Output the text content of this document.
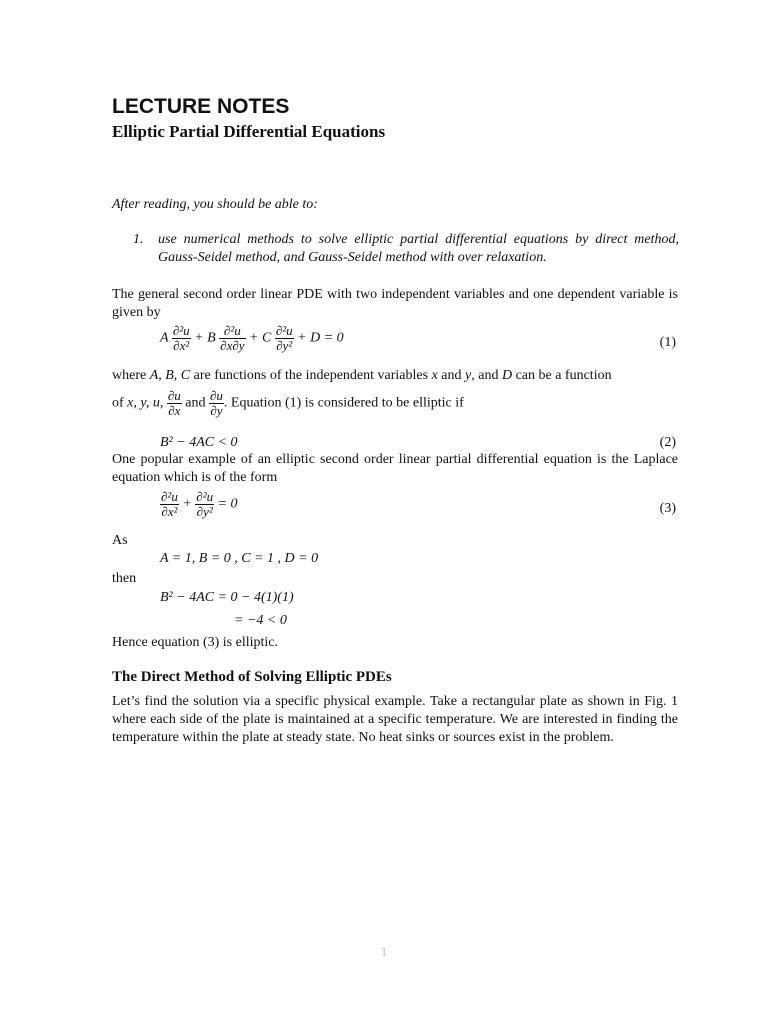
LECTURE NOTES
Elliptic Partial Differential Equations
After reading, you should be able to:
1. use numerical methods to solve elliptic partial differential equations by direct method, Gauss-Seidel method, and Gauss-Seidel method with over relaxation.
The general second order linear PDE with two independent variables and one dependent variable is given by
A $\frac{\text{∂²u}}{\text{∂x²}} + B \frac{\text{∂²u}}{\partial x\partial y} + C \frac{\text{∂²u}}{\text{∂y²}} + D = 0$	(1)
where A, B, C are functions of the independent variables x and y, and D can be a function
of x, y, u, $\frac{\partial u}{\partial x}$ and $\frac{\partial u}{\partial y}$ . Equation (1) is considered to be elliptic if
B² − 4AC < 0	(2)
One popular example of an elliptic second order linear partial differential equation is the Laplace equation which is of the form
$\frac{\text{∂²u}}{\text{∂x²}} + \frac{\text{∂²u}}{\text{∂y²}} = 0$	(3)
As
A = 1, B = 0 , C = 1 , D = 0
then
B² − 4AC = 0 − 4(1)(1)
= −4 < 0
Hence equation (3) is elliptic.
The Direct Method of Solving Elliptic PDEs
Let’s find the solution via a specific physical example. Take a rectangular plate as shown in Fig. 1 where each side of the plate is maintained at a specific temperature. We are interested in finding the temperature within the plate at steady state. No heat sinks or sources exist in the problem.
1
